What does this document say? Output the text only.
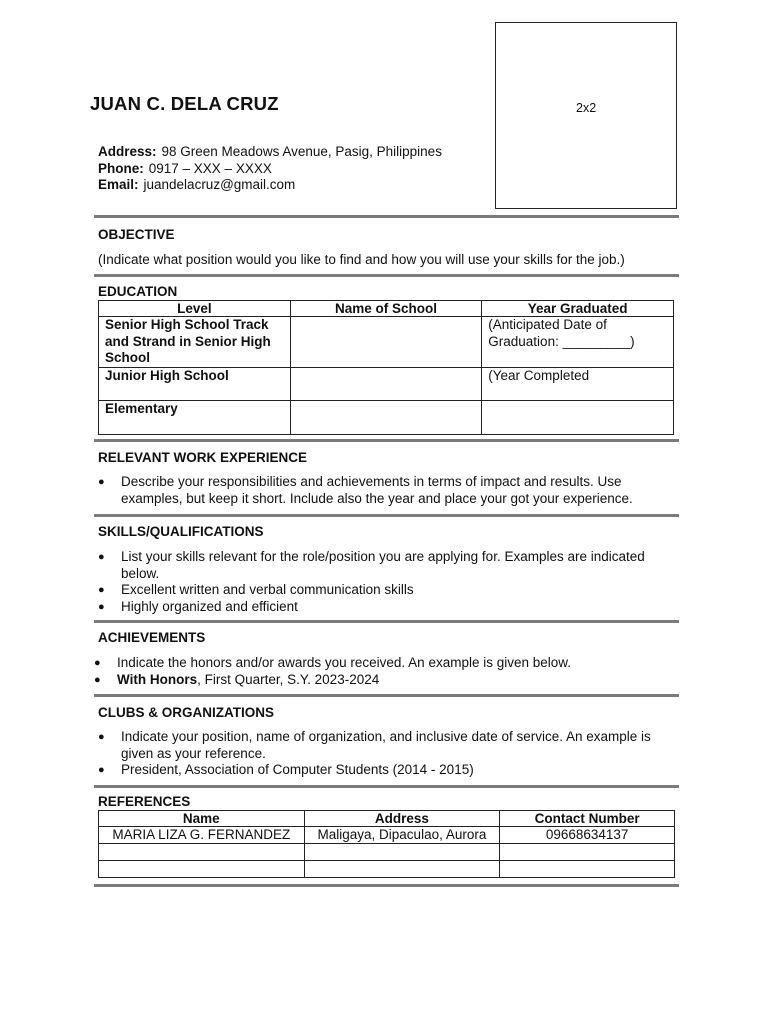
JUAN C. DELA CRUZ	2x2
Address: 98 Green Meadows Avenue, Pasig, Philippines
Phone: 0917 – XXX – XXXX
Email: juandelacruz@gmail.com
OBJECTIVE
(Indicate what position would you like to find and how you will use your skills for the job.)
EDUCATION
Level	Name of School	Year Graduated
Senior High School Track and Strand in Senior High School		(Anticipated Date of Graduation: _________)
Junior High School		(Year Completed
Elementary		
RELEVANT WORK EXPERIENCE
● Describe your responsibilities and achievements in terms of impact and results. Use examples, but keep it short. Include also the year and place your got your experience.
SKILLS/QUALIFICATIONS
● List your skills relevant for the role/position you are applying for. Examples are indicated below.
● Excellent written and verbal communication skills
● Highly organized and efficient
ACHIEVEMENTS
● Indicate the honors and/or awards you received. An example is given below.
● With Honors, First Quarter, S.Y. 2023-2024
CLUBS & ORGANIZATIONS
● Indicate your position, name of organization, and inclusive date of service. An example is given as your reference.
● President, Association of Computer Students (2014 - 2015)
REFERENCES
Name	Address	Contact Number
MARIA LIZA G. FERNANDEZ	Maligaya, Dipaculao, Aurora	09668634137
